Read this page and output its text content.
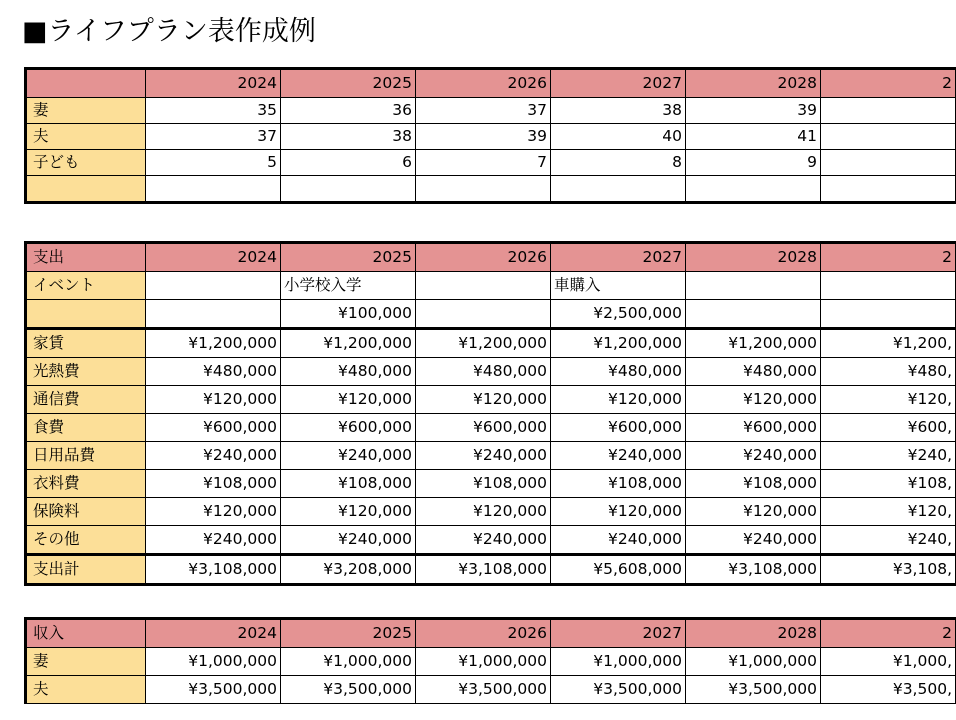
■ライフプラン表作成例
	2024	2025	2026	2027	2028	2
妻	35	36	37	38	39	
夫	37	38	39	40	41	
子ども	5	6	7	8	9	

支出	2024	2025	2026	2027	2028	2
イベント		小学校入学		車購入		
		¥100,000		¥2,500,000		
家賃	¥1,200,000	¥1,200,000	¥1,200,000	¥1,200,000	¥1,200,000	¥1,200,
光熱費	¥480,000	¥480,000	¥480,000	¥480,000	¥480,000	¥480,
通信費	¥120,000	¥120,000	¥120,000	¥120,000	¥120,000	¥120,
食費	¥600,000	¥600,000	¥600,000	¥600,000	¥600,000	¥600,
日用品費	¥240,000	¥240,000	¥240,000	¥240,000	¥240,000	¥240,
衣料費	¥108,000	¥108,000	¥108,000	¥108,000	¥108,000	¥108,
保険料	¥120,000	¥120,000	¥120,000	¥120,000	¥120,000	¥120,
その他	¥240,000	¥240,000	¥240,000	¥240,000	¥240,000	¥240,
支出計	¥3,108,000	¥3,208,000	¥3,108,000	¥5,608,000	¥3,108,000	¥3,108,
収入	2024	2025	2026	2027	2028	2
妻	¥1,000,000	¥1,000,000	¥1,000,000	¥1,000,000	¥1,000,000	¥1,000,
夫	¥3,500,000	¥3,500,000	¥3,500,000	¥3,500,000	¥3,500,000	¥3,500,
